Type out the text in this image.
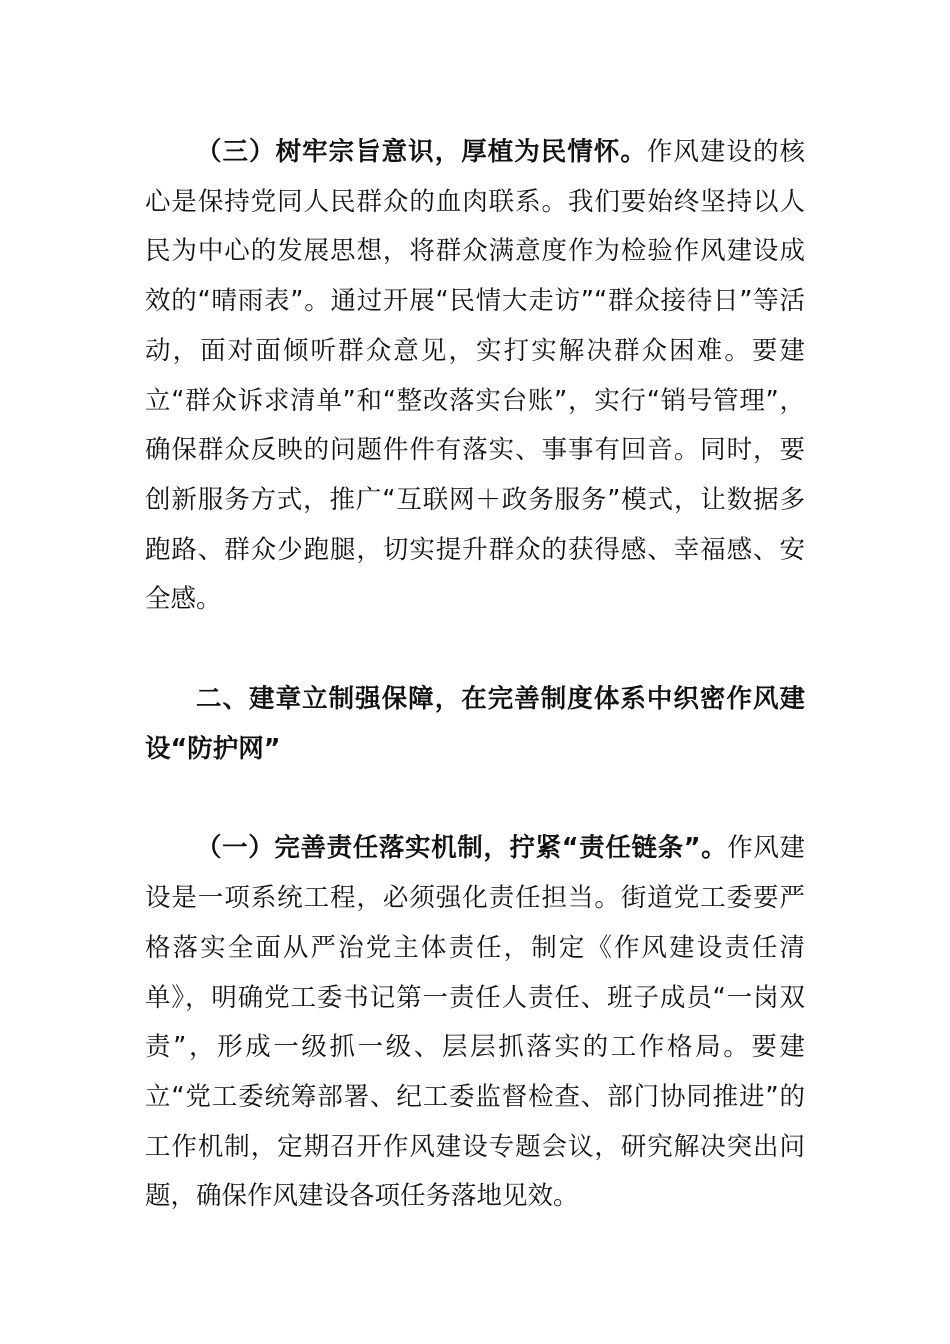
（三）树牢宗旨意识，厚植为民情怀。作风建设的核心是保持党同人民群众的血肉联系。我们要始终坚持以人民为中心的发展思想，将群众满意度作为检验作风建设成效的“晴雨表”。通过开展“民情大走访”“群众接待日”等活动，面对面倾听群众意见，实打实解决群众困难。要建立“群众诉求清单”和“整改落实台账”，实行“销号管理”，确保群众反映的问题件件有落实、事事有回音。同时，要创新服务方式，推广“互联网＋政务服务”模式，让数据多跑路、群众少跑腿，切实提升群众的获得感、幸福感、安全感。

二、建章立制强保障，在完善制度体系中织密作风建设“防护网”

（一）完善责任落实机制，拧紧“责任链条”。作风建设是一项系统工程，必须强化责任担当。街道党工委要严格落实全面从严治党主体责任，制定《作风建设责任清单》，明确党工委书记第一责任人责任、班子成员“一岗双责”，形成一级抓一级、层层抓落实的工作格局。要建立“党工委统筹部署、纪工委监督检查、部门协同推进”的工作机制，定期召开作风建设专题会议，研究解决突出问题，确保作风建设各项任务落地见效。
